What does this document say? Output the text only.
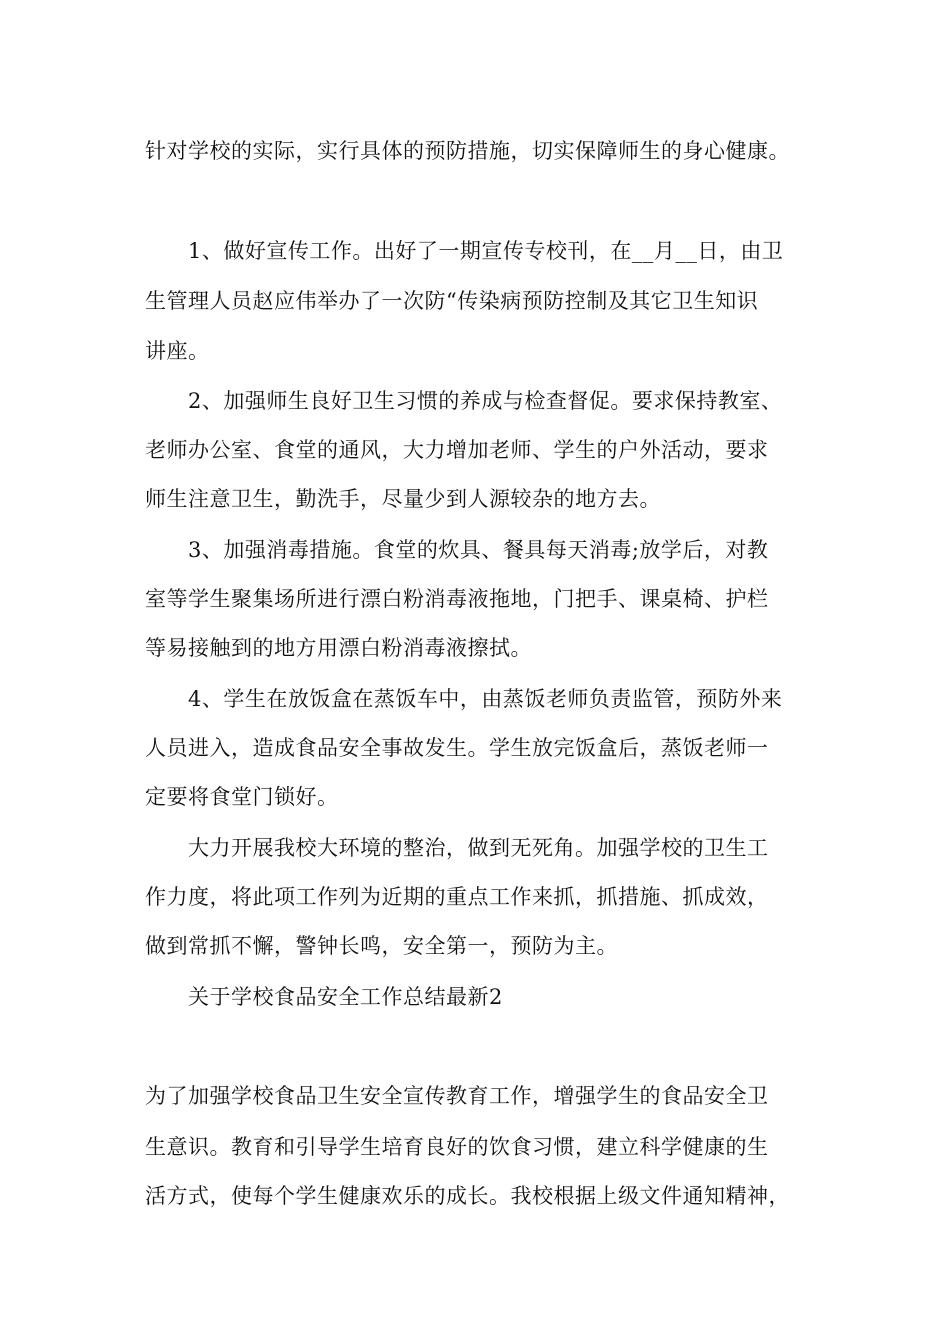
针对学校的实际，实行具体的预防措施，切实保障师生的身心健康。
1、做好宣传工作。出好了一期宣传专校刊，在__月__日，由卫
生管理人员赵应伟举办了一次防“传染病预防控制及其它卫生知识
讲座。
2、加强师生良好卫生习惯的养成与检查督促。要求保持教室、
老师办公室、食堂的通风，大力增加老师、学生的户外活动，要求
师生注意卫生，勤洗手，尽量少到人源较杂的地方去。
3、加强消毒措施。食堂的炊具、餐具每天消毒;放学后，对教
室等学生聚集场所进行漂白粉消毒液拖地，门把手、课桌椅、护栏
等易接触到的地方用漂白粉消毒液擦拭。
4、学生在放饭盒在蒸饭车中，由蒸饭老师负责监管，预防外来
人员进入，造成食品安全事故发生。学生放完饭盒后，蒸饭老师一
定要将食堂门锁好。
大力开展我校大环境的整治，做到无死角。加强学校的卫生工
作力度，将此项工作列为近期的重点工作来抓，抓措施、抓成效，
做到常抓不懈，警钟长鸣，安全第一，预防为主。
关于学校食品安全工作总结最新2
为了加强学校食品卫生安全宣传教育工作，增强学生的食品安全卫
生意识。教育和引导学生培育良好的饮食习惯，建立科学健康的生
活方式，使每个学生健康欢乐的成长。我校根据上级文件通知精神，
